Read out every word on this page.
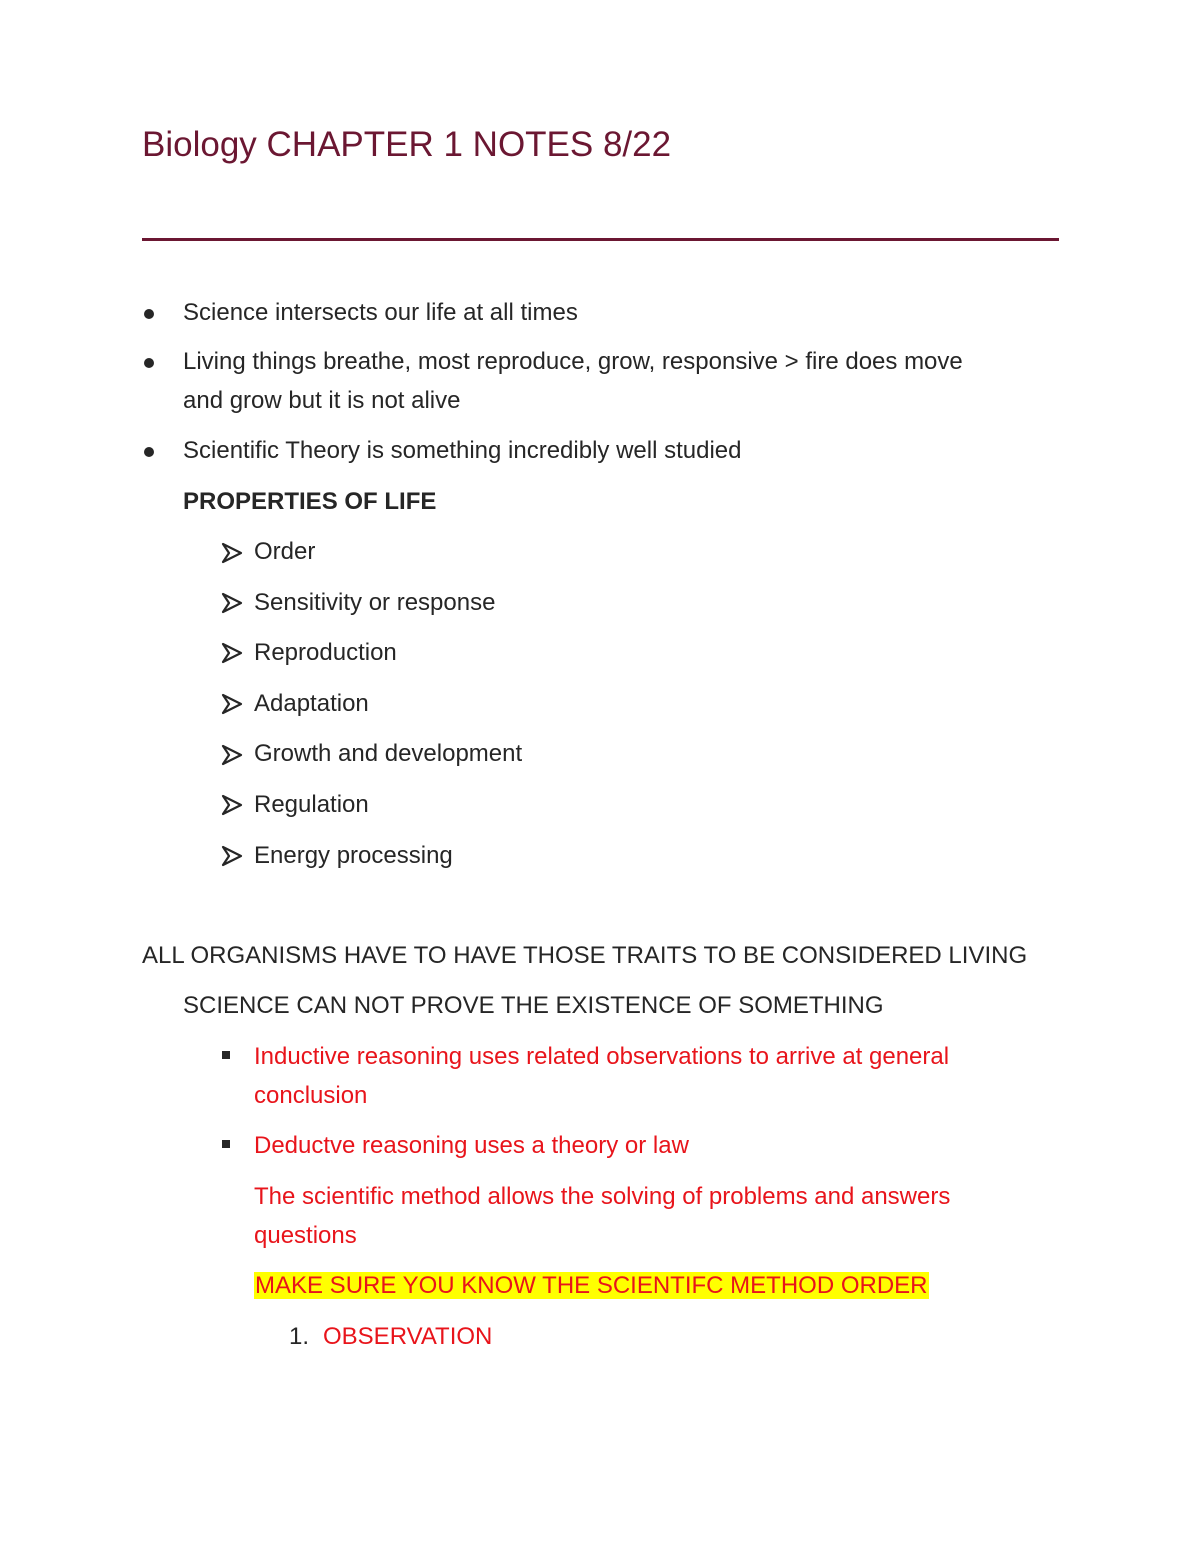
Biology CHAPTER 1 NOTES 8/22
Science intersects our life at all times
Living things breathe, most reproduce, grow, responsive > fire does move
and grow but it is not alive
Scientific Theory is something incredibly well studied
PROPERTIES OF LIFE
Order
Sensitivity or response
Reproduction
Adaptation
Growth and development
Regulation
Energy processing
ALL ORGANISMS HAVE TO HAVE THOSE TRAITS TO BE CONSIDERED LIVING
SCIENCE CAN NOT PROVE THE EXISTENCE OF SOMETHING
Inductive reasoning uses related observations to arrive at general
conclusion
Deductve reasoning uses a theory or law
The scientific method allows the solving of problems and answers
questions
MAKE SURE YOU KNOW THE SCIENTIFC METHOD ORDER
1. OBSERVATION
